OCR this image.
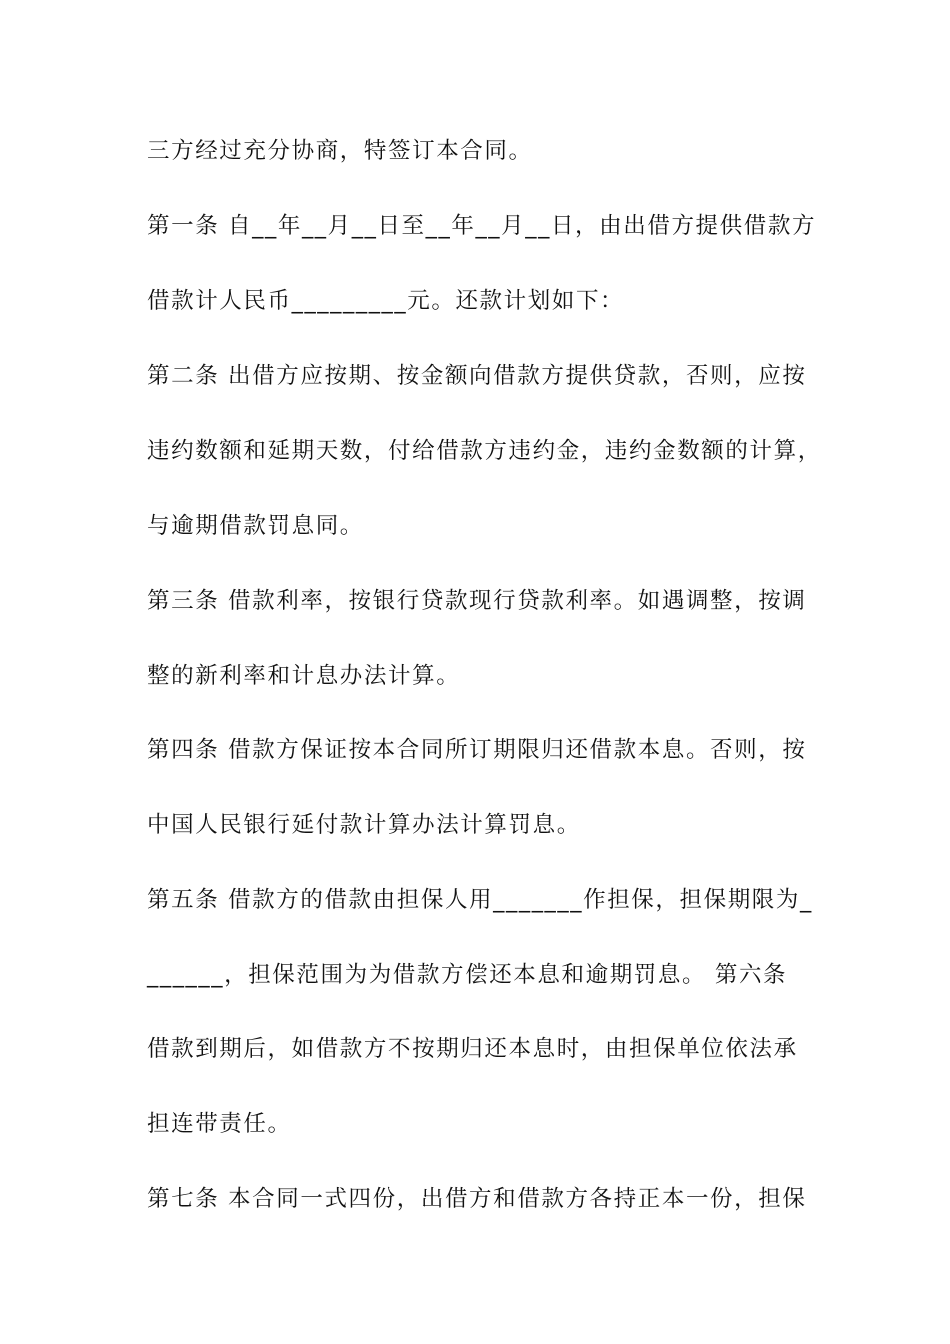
三方经过充分协商，特签订本合同。
第一条 自__年__月__日至__年__月__日，由出借方提供借款方
借款计人民币_________元。还款计划如下：
第二条 出借方应按期、按金额向借款方提供贷款，否则，应按
违约数额和延期天数，付给借款方违约金，违约金数额的计算，
与逾期借款罚息同。
第三条 借款利率，按银行贷款现行贷款利率。如遇调整，按调
整的新利率和计息办法计算。
第四条 借款方保证按本合同所订期限归还借款本息。否则，按
中国人民银行延付款计算办法计算罚息。
第五条 借款方的借款由担保人用_______作担保，担保期限为_
______，担保范围为为借款方偿还本息和逾期罚息。 第六条
借款到期后，如借款方不按期归还本息时，由担保单位依法承
担连带责任。
第七条 本合同一式四份，出借方和借款方各持正本一份，担保
